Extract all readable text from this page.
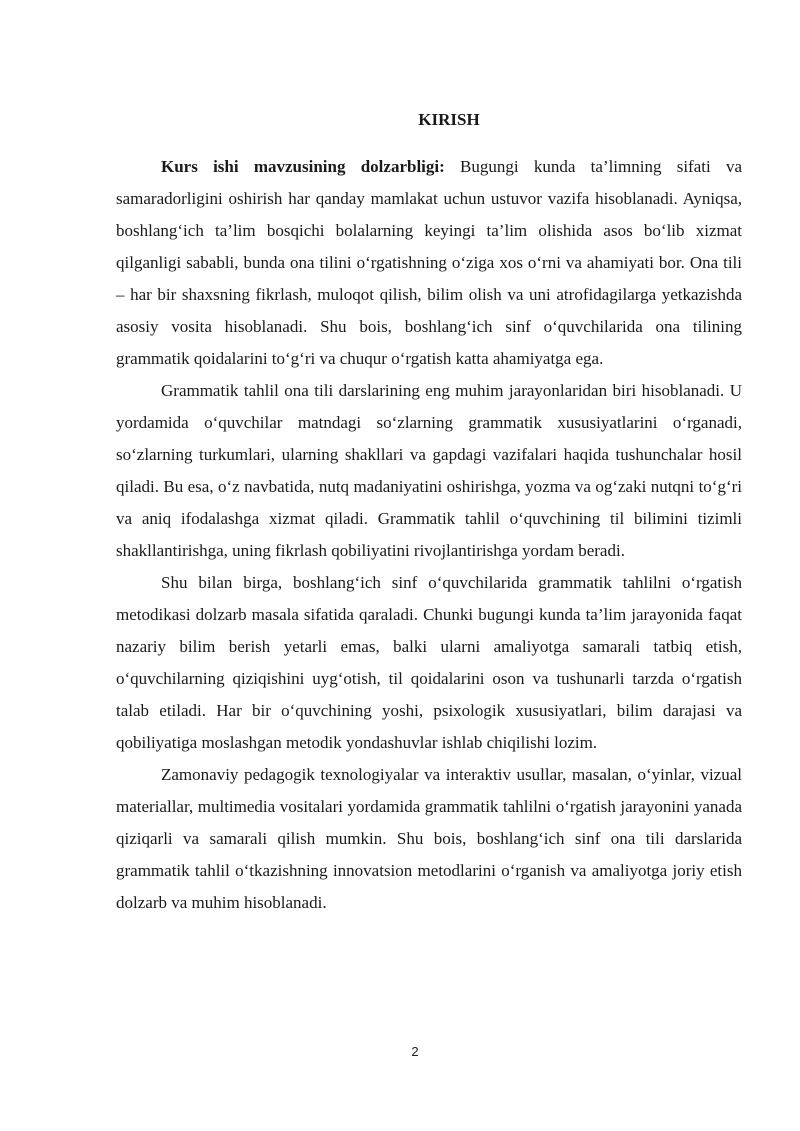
KIRISH

Kurs ishi mavzusining dolzarbligi: Bugungi kunda ta’limning sifati va samaradorligini oshirish har qanday mamlakat uchun ustuvor vazifa hisoblanadi. Ayniqsa, boshlang‘ich ta’lim bosqichi bolalarning keyingi ta’lim olishida asos bo‘lib xizmat qilganligi sababli, bunda ona tilini o‘rgatishning o‘ziga xos o‘rni va ahamiyati bor. Ona tili – har bir shaxsning fikrlash, muloqot qilish, bilim olish va uni atrofidagilarga yetkazishda asosiy vosita hisoblanadi. Shu bois, boshlang‘ich sinf o‘quvchilarida ona tilining grammatik qoidalarini to‘g‘ri va chuqur o‘rgatish katta ahamiyatga ega.

Grammatik tahlil ona tili darslarining eng muhim jarayonlaridan biri hisoblanadi. U yordamida o‘quvchilar matndagi so‘zlarning grammatik xususiyatlarini o‘rganadi, so‘zlarning turkumlari, ularning shakllari va gapdagi vazifalari haqida tushunchalar hosil qiladi. Bu esa, o‘z navbatida, nutq madaniyatini oshirishga, yozma va og‘zaki nutqni to‘g‘ri va aniq ifodalashga xizmat qiladi. Grammatik tahlil o‘quvchining til bilimini tizimli shakllantirishga, uning fikrlash qobiliyatini rivojlantirishga yordam beradi.

Shu bilan birga, boshlang‘ich sinf o‘quvchilarida grammatik tahlilni o‘rgatish metodikasi dolzarb masala sifatida qaraladi. Chunki bugungi kunda ta’lim jarayonida faqat nazariy bilim berish yetarli emas, balki ularni amaliyotga samarali tatbiq etish, o‘quvchilarning qiziqishini uyg‘otish, til qoidalarini oson va tushunarli tarzda o‘rgatish talab etiladi. Har bir o‘quvchining yoshi, psixologik xususiyatlari, bilim darajasi va qobiliyatiga moslashgan metodik yondashuvlar ishlab chiqilishi lozim.

Zamonaviy pedagogik texnologiyalar va interaktiv usullar, masalan, o‘yinlar, vizual materiallar, multimedia vositalari yordamida grammatik tahlilni o‘rgatish jarayonini yanada qiziqarli va samarali qilish mumkin. Shu bois, boshlang‘ich sinf ona tili darslarida grammatik tahlil o‘tkazishning innovatsion metodlarini o‘rganish va amaliyotga joriy etish dolzarb va muhim hisoblanadi.

2
